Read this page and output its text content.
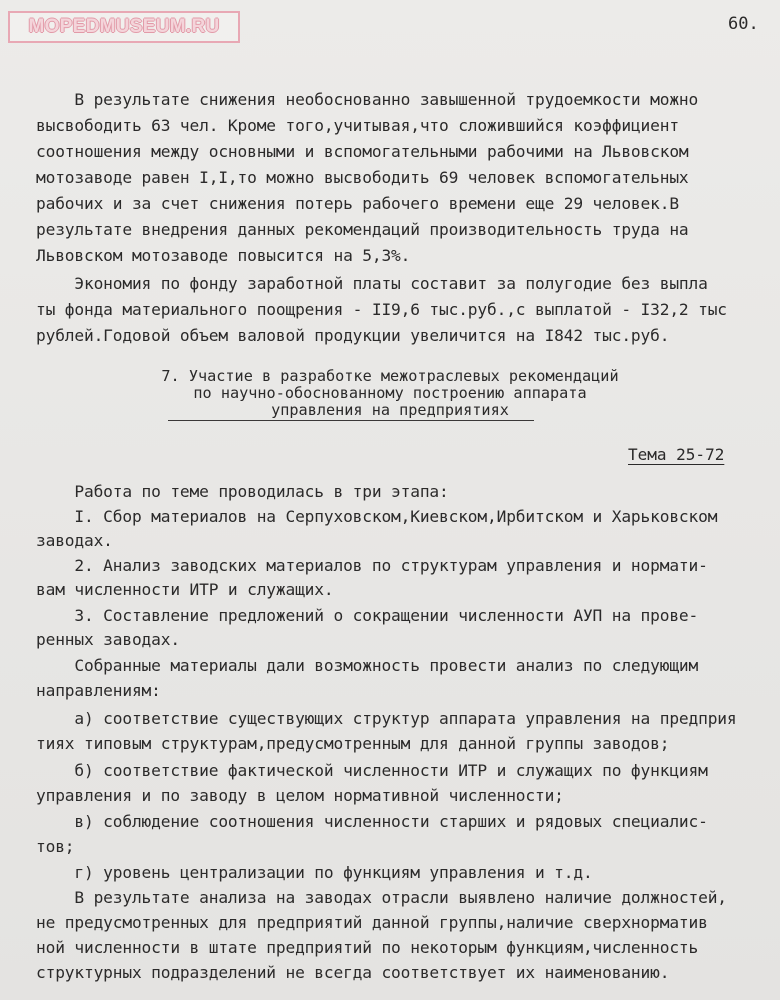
MOPEDMUSEUM.RU	60.
В результате снижения необоснованно завышенной трудоемкости можно
высвободить 63 чел. Кроме того,учитывая,что сложившийся коэффициент
соотношения между основными и вспомогательными рабочими на Львовском
мотозаводе равен I,I,то можно высвободить 69 человек вспомогательных
рабочих и за счет снижения потерь рабочего времени еще 29 человек.В
результате внедрения данных рекомендаций производительность труда на
Львовском мотозаводе повысится на 5,3%.
Экономия по фонду заработной платы составит за полугодие без выпла
ты фонда материального поощрения - II9,6 тыс.руб.,с выплатой - I32,2 тыс
рублей.Годовой объем валовой продукции увеличится на I842 тыс.руб.
7. Участие в разработке межотраслевых рекомендаций
по научно-обоснованному построению аппарата
управления на предприятиях
Тема 25-72
Работа по теме проводилась в три этапа:
I. Сбор материалов на Серпуховском,Киевском,Ирбитском и Харьковском
заводах.
2. Анализ заводских материалов по структурам управления и нормати-
вам численности ИТР и служащих.
3. Составление предложений о сокращении численности АУП на прове-
ренных заводах.
Собранные материалы дали возможность провести анализ по следующим
направлениям:
а) соответствие существующих структур аппарата управления на предприя
тиях типовым структурам,предусмотренным для данной группы заводов;
б) соответствие фактической численности ИТР и служащих по функциям
управления и по заводу в целом нормативной численности;
в) соблюдение соотношения численности старших и рядовых специалис-
тов;
г) уровень централизации по функциям управления и т.д.
В результате анализа на заводах отрасли выявлено наличие должностей,
не предусмотренных для предприятий данной группы,наличие сверхнорматив
ной численности в штате предприятий по некоторым функциям,численность
структурных подразделений не всегда соответствует их наименованию.
